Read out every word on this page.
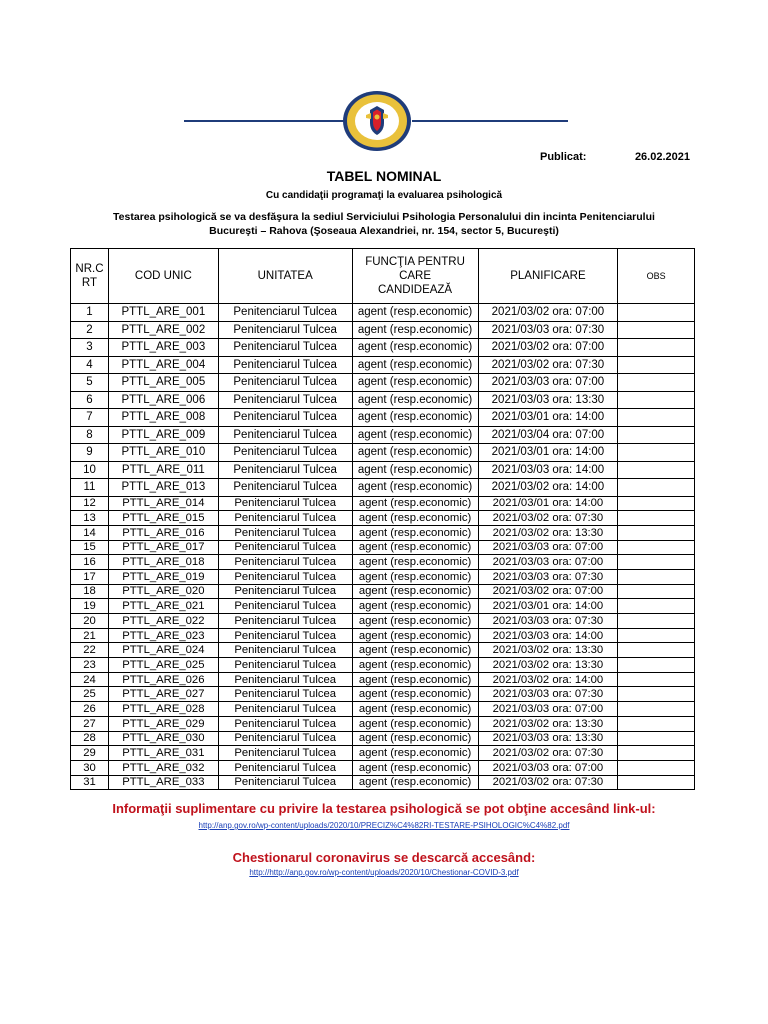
Publicat:	26.02.2021
TABEL NOMINAL
Cu candidaţii programaţi la evaluarea psihologică
Testarea psihologică se va desfăşura la sediul Serviciului Psihologia Personalului din incinta Penitenciarului
Bucureşti – Rahova (Şoseaua Alexandriei, nr. 154, sector 5, Bucureşti)
NR.C
RT	COD UNIC	UNITATEA	FUNCŢIA PENTRU CARE CANDIDEAZĂ	PLANIFICARE	OBS
1	PTTL_ARE_001	Penitenciarul Tulcea	agent (resp.economic)	2021/03/02 ora: 07:00	
2	PTTL_ARE_002	Penitenciarul Tulcea	agent (resp.economic)	2021/03/03 ora: 07:30	
3	PTTL_ARE_003	Penitenciarul Tulcea	agent (resp.economic)	2021/03/02 ora: 07:00	
4	PTTL_ARE_004	Penitenciarul Tulcea	agent (resp.economic)	2021/03/02 ora: 07:30	
5	PTTL_ARE_005	Penitenciarul Tulcea	agent (resp.economic)	2021/03/03 ora: 07:00	
6	PTTL_ARE_006	Penitenciarul Tulcea	agent (resp.economic)	2021/03/03 ora: 13:30	
7	PTTL_ARE_008	Penitenciarul Tulcea	agent (resp.economic)	2021/03/01 ora: 14:00	
8	PTTL_ARE_009	Penitenciarul Tulcea	agent (resp.economic)	2021/03/04 ora: 07:00	
9	PTTL_ARE_010	Penitenciarul Tulcea	agent (resp.economic)	2021/03/01 ora: 14:00	
10	PTTL_ARE_011	Penitenciarul Tulcea	agent (resp.economic)	2021/03/03 ora: 14:00	
11	PTTL_ARE_013	Penitenciarul Tulcea	agent (resp.economic)	2021/03/02 ora: 14:00	
12	PTTL_ARE_014	Penitenciarul Tulcea	agent (resp.economic)	2021/03/01 ora: 14:00	
13	PTTL_ARE_015	Penitenciarul Tulcea	agent (resp.economic)	2021/03/02 ora: 07:30	
14	PTTL_ARE_016	Penitenciarul Tulcea	agent (resp.economic)	2021/03/02 ora: 13:30	
15	PTTL_ARE_017	Penitenciarul Tulcea	agent (resp.economic)	2021/03/03 ora: 07:00	
16	PTTL_ARE_018	Penitenciarul Tulcea	agent (resp.economic)	2021/03/03 ora: 07:00	
17	PTTL_ARE_019	Penitenciarul Tulcea	agent (resp.economic)	2021/03/03 ora: 07:30	
18	PTTL_ARE_020	Penitenciarul Tulcea	agent (resp.economic)	2021/03/02 ora: 07:00	
19	PTTL_ARE_021	Penitenciarul Tulcea	agent (resp.economic)	2021/03/01 ora: 14:00	
20	PTTL_ARE_022	Penitenciarul Tulcea	agent (resp.economic)	2021/03/03 ora: 07:30	
21	PTTL_ARE_023	Penitenciarul Tulcea	agent (resp.economic)	2021/03/03 ora: 14:00	
22	PTTL_ARE_024	Penitenciarul Tulcea	agent (resp.economic)	2021/03/02 ora: 13:30	
23	PTTL_ARE_025	Penitenciarul Tulcea	agent (resp.economic)	2021/03/02 ora: 13:30	
24	PTTL_ARE_026	Penitenciarul Tulcea	agent (resp.economic)	2021/03/02 ora: 14:00	
25	PTTL_ARE_027	Penitenciarul Tulcea	agent (resp.economic)	2021/03/03 ora: 07:30	
26	PTTL_ARE_028	Penitenciarul Tulcea	agent (resp.economic)	2021/03/03 ora: 07:00	
27	PTTL_ARE_029	Penitenciarul Tulcea	agent (resp.economic)	2021/03/02 ora: 13:30	
28	PTTL_ARE_030	Penitenciarul Tulcea	agent (resp.economic)	2021/03/03 ora: 13:30	
29	PTTL_ARE_031	Penitenciarul Tulcea	agent (resp.economic)	2021/03/02 ora: 07:30	
30	PTTL_ARE_032	Penitenciarul Tulcea	agent (resp.economic)	2021/03/03 ora: 07:00	
31	PTTL_ARE_033	Penitenciarul Tulcea	agent (resp.economic)	2021/03/02 ora: 07:30	
Informaţii suplimentare cu privire la testarea psihologică se pot obţine accesând link-ul:
http://anp.gov.ro/wp-content/uploads/2020/10/PRECIZ%C4%82RI-TESTARE-PSIHOLOGIC%C4%82.pdf
Chestionarul coronavirus se descarcă accesând:
http://http://anp.gov.ro/wp-content/uploads/2020/10/Chestionar-COVID-3.pdf
